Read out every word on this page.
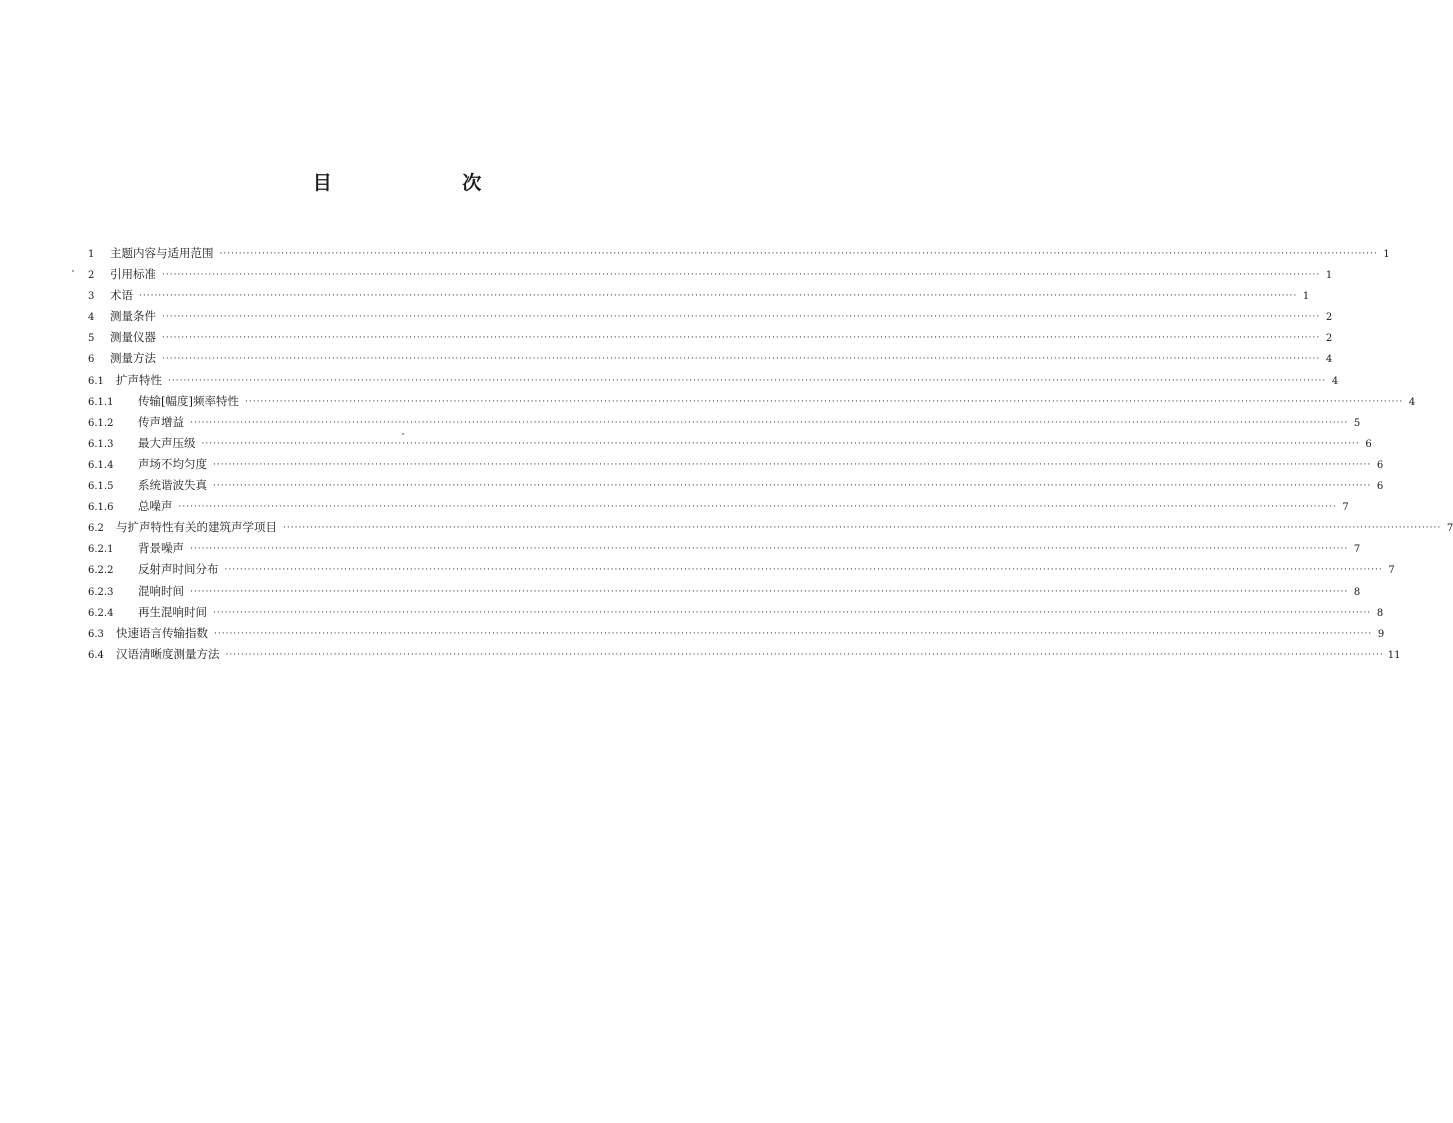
目 次
1	主题内容与适用范围 ············································································································································································································································································································ 1
2	引用标准 ············································································································································································································································································································ 1
3	术语 ············································································································································································································································································································ 1
4	测量条件 ············································································································································································································································································································ 2
5	测量仪器 ············································································································································································································································································································ 2
6	测量方法 ············································································································································································································································································································ 4
6.1	扩声特性 ············································································································································································································································································································ 4
6.1.1	传输[幅度]频率特性 ············································································································································································································································································································ 4
6.1.2	传声增益 ············································································································································································································································································································ 5
6.1.3	最大声压级 ············································································································································································································································································································ 6
6.1.4	声场不均匀度 ············································································································································································································································································································ 6
6.1.5	系统谐波失真 ············································································································································································································································································································ 6
6.1.6	总噪声 ············································································································································································································································································································ 7
6.2	与扩声特性有关的建筑声学项目 ············································································································································································································································································································ 7
6.2.1	背景噪声 ············································································································································································································································································································ 7
6.2.2	反射声时间分布 ············································································································································································································································································································ 7
6.2.3	混响时间 ············································································································································································································································································································ 8
6.2.4	再生混响时间 ············································································································································································································································································································ 8
6.3	快速语言传输指数 ············································································································································································································································································································ 9
6.4	汉语清晰度测量方法 ············································································································································································································································································································ 11
